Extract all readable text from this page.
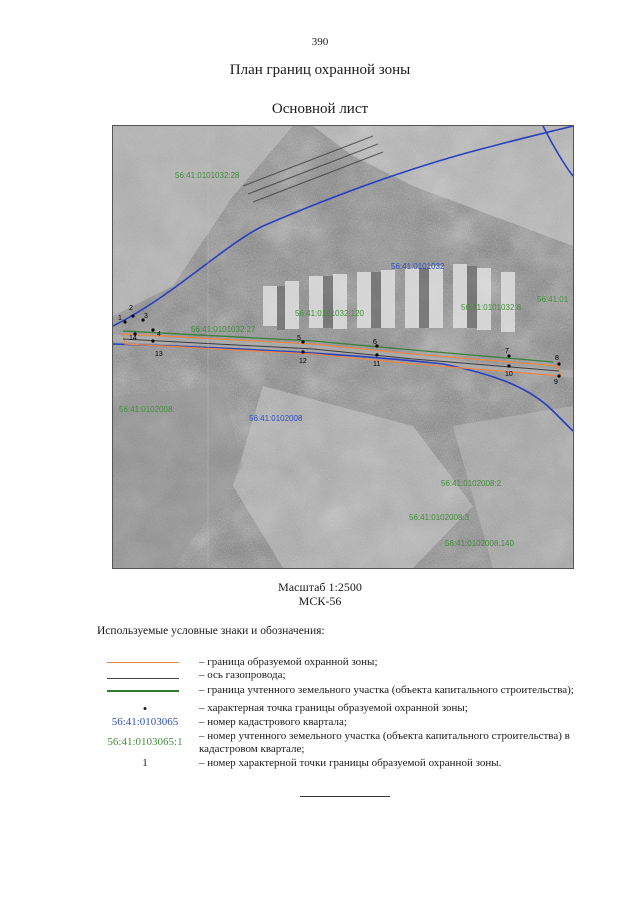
390
План границ охранной зоны
Основной лист
56:41:0101032
56:41:0102008
56:41:0101032:28
56:41:0101032:120
56:41:0101032:8
56:41:0101032:27
56:41:0102008:
56:41:0102008:2
56:41:0102008:3
56:41:0102008:140
56:41:01
1
2
3
4
13
14	5
12
6
11
7
10
8
9
Масштаб 1:2500
МСК-56
Используемые условные знаки и обозначения:
– граница образуемой охранной зоны;
– ось газопровода;
– граница учтенного земельного участка (объекта капитального строительства);
•	– характерная точка границы образуемой охранной зоны;
56:41:0103065	– номер кадастрового квартала;
56:41:0103065:1	– номер учтенного земельного участка (объекта капитального строительства) в кадастровом квартале;
1	– номер характерной точки границы образуемой охранной зоны.
